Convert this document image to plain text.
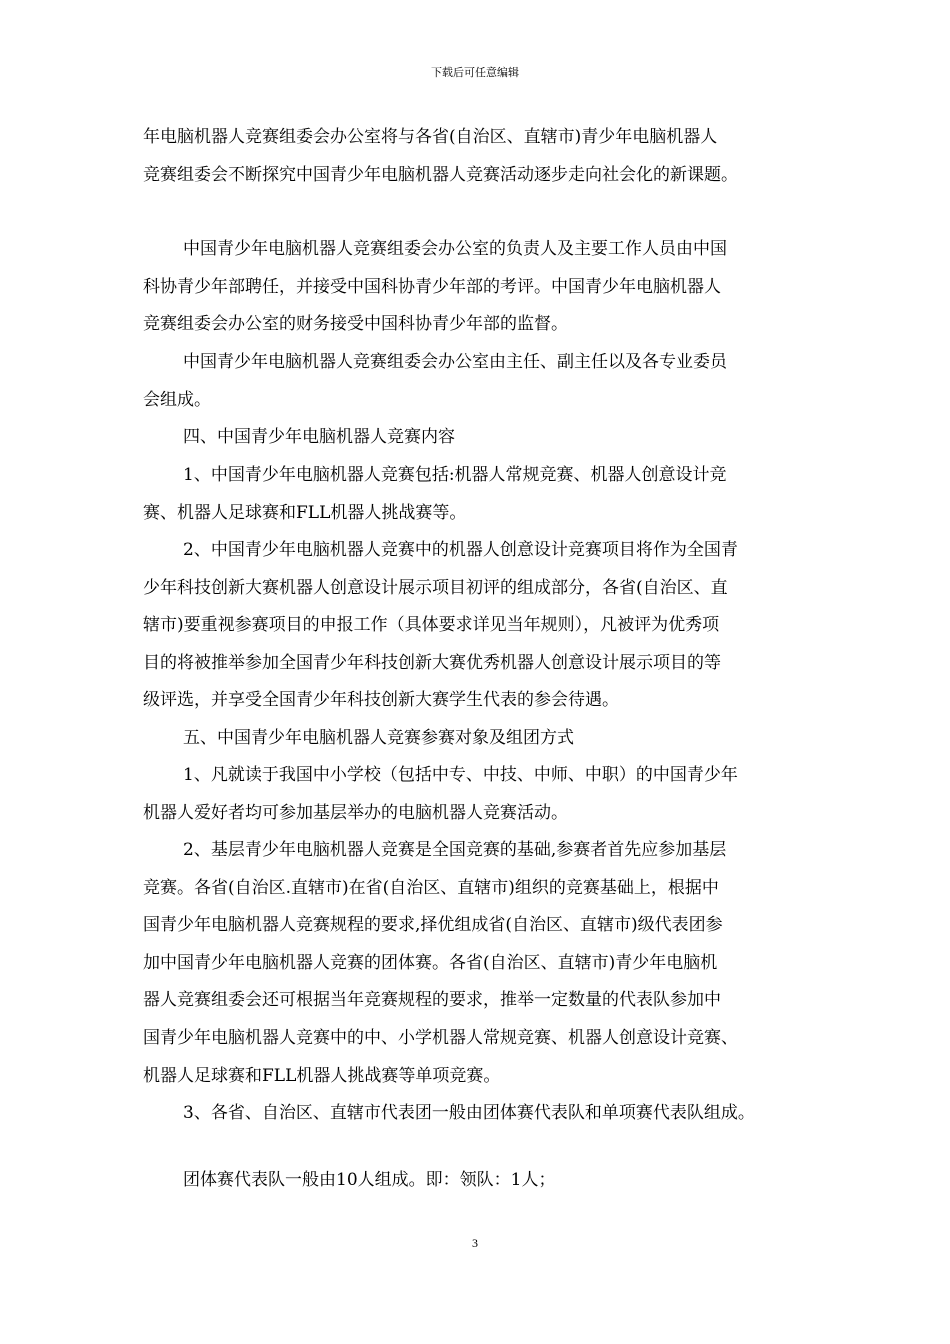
下载后可任意编辑
年电脑机器人竞赛组委会办公室将与各省(自治区、直辖市)青少年电脑机器人
竞赛组委会不断探究中国青少年电脑机器人竞赛活动逐步走向社会化的新课题。
中国青少年电脑机器人竞赛组委会办公室的负责人及主要工作人员由中国
科协青少年部聘任，并接受中国科协青少年部的考评。中国青少年电脑机器人
竞赛组委会办公室的财务接受中国科协青少年部的监督。
中国青少年电脑机器人竞赛组委会办公室由主任、副主任以及各专业委员
会组成。
四、中国青少年电脑机器人竞赛内容
1、中国青少年电脑机器人竞赛包括:机器人常规竞赛、机器人创意设计竞
赛、机器人足球赛和FLL机器人挑战赛等。
2、中国青少年电脑机器人竞赛中的机器人创意设计竞赛项目将作为全国青
少年科技创新大赛机器人创意设计展示项目初评的组成部分，各省(自治区、直
辖市)要重视参赛项目的申报工作（具体要求详见当年规则），凡被评为优秀项
目的将被推举参加全国青少年科技创新大赛优秀机器人创意设计展示项目的等
级评选，并享受全国青少年科技创新大赛学生代表的参会待遇。
五、中国青少年电脑机器人竞赛参赛对象及组团方式
1、凡就读于我国中小学校（包括中专、中技、中师、中职）的中国青少年
机器人爱好者均可参加基层举办的电脑机器人竞赛活动。
2、基层青少年电脑机器人竞赛是全国竞赛的基础,参赛者首先应参加基层
竞赛。各省(自治区.直辖市)在省(自治区、直辖市)组织的竞赛基础上，根据中
国青少年电脑机器人竞赛规程的要求,择优组成省(自治区、直辖市)级代表团参
加中国青少年电脑机器人竞赛的团体赛。各省(自治区、直辖市)青少年电脑机
器人竞赛组委会还可根据当年竞赛规程的要求，推举一定数量的代表队参加中
国青少年电脑机器人竞赛中的中、小学机器人常规竞赛、机器人创意设计竞赛、
机器人足球赛和FLL机器人挑战赛等单项竞赛。
3、各省、自治区、直辖市代表团一般由团体赛代表队和单项赛代表队组成。
团体赛代表队一般由10人组成。即：领队：1人；
3
